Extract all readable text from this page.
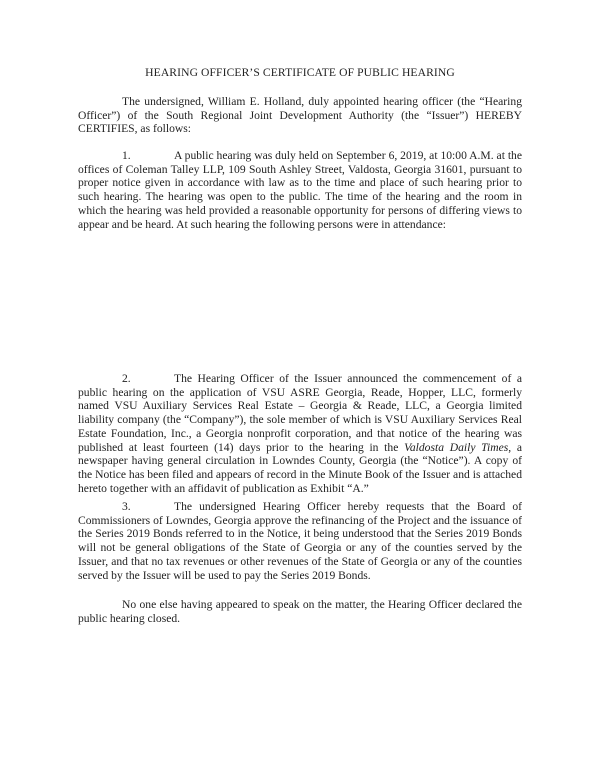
HEARING OFFICER’S CERTIFICATE OF PUBLIC HEARING
The undersigned, William E. Holland, duly appointed hearing officer (the “Hearing Officer”) of the South Regional Joint Development Authority (the “Issuer”) HEREBY CERTIFIES, as follows:
1.	A public hearing was duly held on September 6, 2019, at 10:00 A.M. at the offices of Coleman Talley LLP, 109 South Ashley Street, Valdosta, Georgia 31601, pursuant to proper notice given in accordance with law as to the time and place of such hearing prior to such hearing. The hearing was open to the public. The time of the hearing and the room in which the hearing was held provided a reasonable opportunity for persons of differing views to appear and be heard. At such hearing the following persons were in attendance:
2.	The Hearing Officer of the Issuer announced the commencement of a public hearing on the application of VSU ASRE Georgia, Reade, Hopper, LLC, formerly named VSU Auxiliary Services Real Estate – Georgia & Reade, LLC, a Georgia limited liability company (the “Company”), the sole member of which is VSU Auxiliary Services Real Estate Foundation, Inc., a Georgia nonprofit corporation, and that notice of the hearing was published at least fourteen (14) days prior to the hearing in the Valdosta Daily Times, a newspaper having general circulation in Lowndes County, Georgia (the “Notice”). A copy of the Notice has been filed and appears of record in the Minute Book of the Issuer and is attached hereto together with an affidavit of publication as Exhibit “A.”
3.	The undersigned Hearing Officer hereby requests that the Board of Commissioners of Lowndes, Georgia approve the refinancing of the Project and the issuance of the Series 2019 Bonds referred to in the Notice, it being understood that the Series 2019 Bonds will not be general obligations of the State of Georgia or any of the counties served by the Issuer, and that no tax revenues or other revenues of the State of Georgia or any of the counties served by the Issuer will be used to pay the Series 2019 Bonds.
No one else having appeared to speak on the matter, the Hearing Officer declared the public hearing closed.
